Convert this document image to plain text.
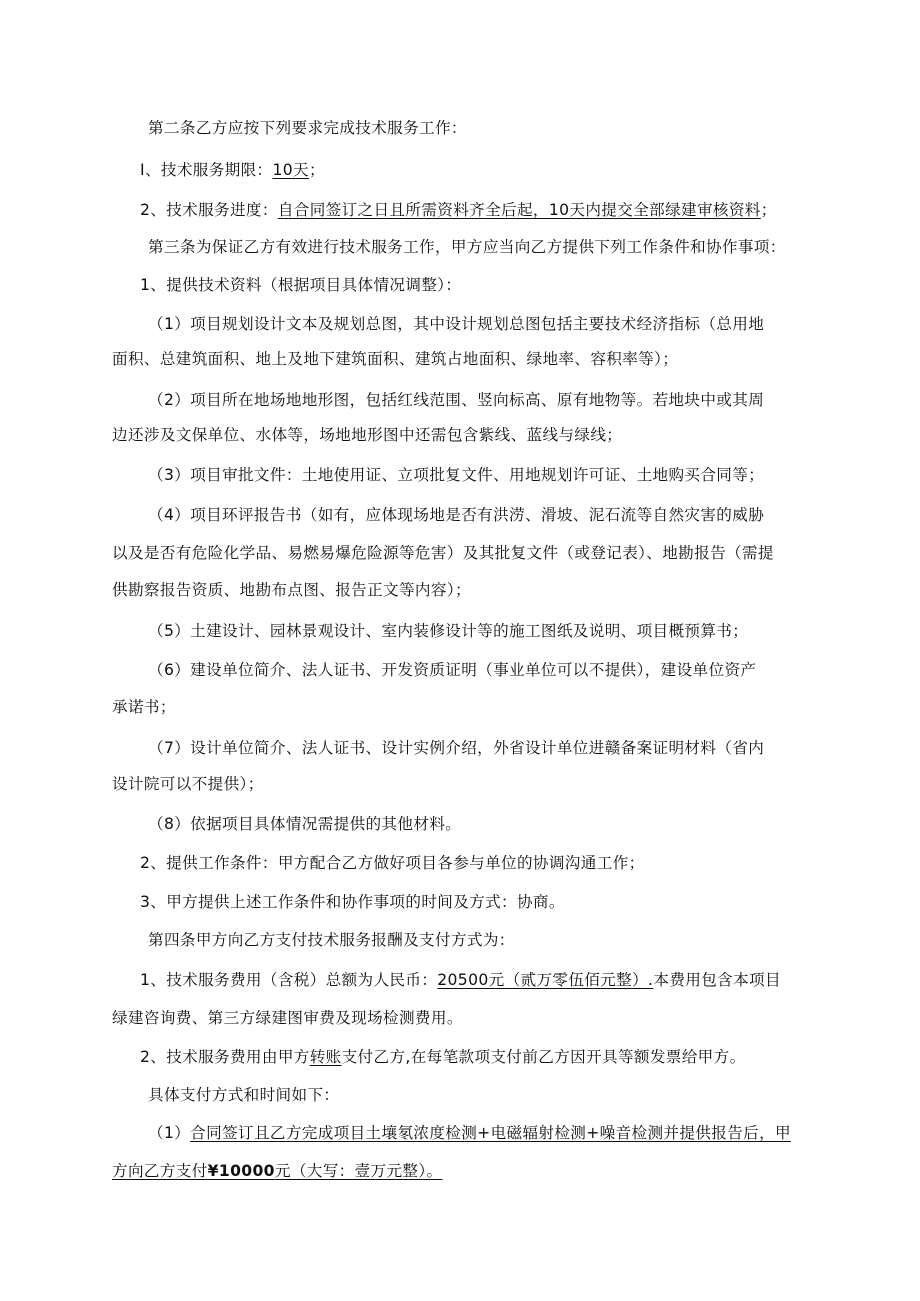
第二条乙方应按下列要求完成技术服务工作：
I、技术服务期限：10天；
2、技术服务进度：自合同签订之日且所需资料齐全后起，10天内提交全部绿建审核资料；
第三条为保证乙方有效进行技术服务工作，甲方应当向乙方提供下列工作条件和协作事项：
1、提供技术资料（根据项目具体情况调整）：
（1）项目规划设计文本及规划总图，其中设计规划总图包括主要技术经济指标（总用地
面积、总建筑面积、地上及地下建筑面积、建筑占地面积、绿地率、容积率等）；
（2）项目所在地场地地形图，包括红线范围、竖向标高、原有地物等。若地块中或其周
边还涉及文保单位、水体等，场地地形图中还需包含紫线、蓝线与绿线；
（3）项目审批文件：土地使用证、立项批复文件、用地规划许可证、土地购买合同等；
（4）项目环评报告书（如有，应体现场地是否有洪涝、滑坡、泥石流等自然灾害的威胁
以及是否有危险化学品、易燃易爆危险源等危害）及其批复文件（或登记表）、地勘报告（需提
供勘察报告资质、地勘布点图、报告正文等内容）；
（5）土建设计、园林景观设计、室内装修设计等的施工图纸及说明、项目概预算书；
（6）建设单位简介、法人证书、开发资质证明（事业单位可以不提供），建设单位资产
承诺书；
（7）设计单位简介、法人证书、设计实例介绍，外省设计单位进赣备案证明材料（省内
设计院可以不提供）；
（8）依据项目具体情况需提供的其他材料。
2、提供工作条件：甲方配合乙方做好项目各参与单位的协调沟通工作；
3、甲方提供上述工作条件和协作事项的时间及方式：协商。
第四条甲方向乙方支付技术服务报酬及支付方式为：
1、技术服务费用（含税）总额为人民币：20500元（贰万零伍佰元整）.本费用包含本项目
绿建咨询费、第三方绿建图审费及现场检测费用。
2、技术服务费用由甲方转账支付乙方,在每笔款项支付前乙方因开具等额发票给甲方。
具体支付方式和时间如下：
（1）合同签订且乙方完成项目土壤氡浓度检测+电磁辐射检测+噪音检测并提供报告后，甲
方向乙方支付¥10000元（大写：壹万元整）。
